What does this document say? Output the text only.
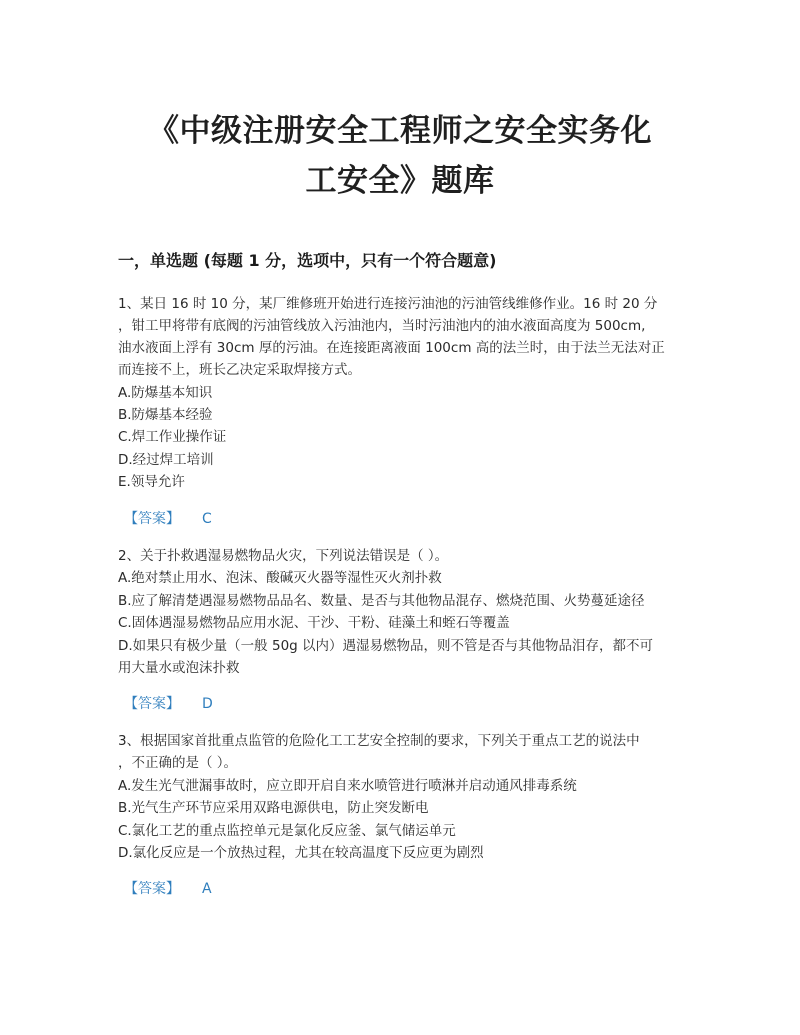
《中级注册安全工程师之安全实务化
工安全》题库
一，单选题 (每题 1 分，选项中，只有一个符合题意)
1、某日 16 时 10 分，某厂维修班开始进行连接污油池的污油管线维修作业。16 时 20 分
，钳工甲将带有底阀的污油管线放入污油池内，当时污油池内的油水液面高度为 500cm,
油水液面上浮有 30cm 厚的污油。在连接距离液面 100cm 高的法兰时，由于法兰无法对正
而连接不上，班长乙决定采取焊接方式。
A.防爆基本知识
B.防爆基本经验
C.焊工作业操作证
D.经过焊工培训
E.领导允许
【答案】 C
2、关于扑救遇湿易燃物品火灾，下列说法错误是（ ）。
A.绝对禁止用水、泡沫、酸碱灭火器等湿性灭火剂扑救
B.应了解清楚遇湿易燃物品品名、数量、是否与其他物品混存、燃烧范围、火势蔓延途径
C.固体遇湿易燃物品应用水泥、干沙、干粉、硅藻土和蛭石等覆盖
D.如果只有极少量（一般 50g 以内）遇湿易燃物品，则不管是否与其他物品泪存，都不可
用大量水或泡沫扑救
【答案】 D
3、根据国家首批重点监管的危险化工工艺安全控制的要求，下列关于重点工艺的说法中
，不正确的是（ ）。
A.发生光气泄漏事故时，应立即开启自来水喷管进行喷淋并启动通风排毒系统
B.光气生产环节应采用双路电源供电，防止突发断电
C.氯化工艺的重点监控单元是氯化反应釜、氯气储运单元
D.氯化反应是一个放热过程，尤其在较高温度下反应更为剧烈
【答案】 A
